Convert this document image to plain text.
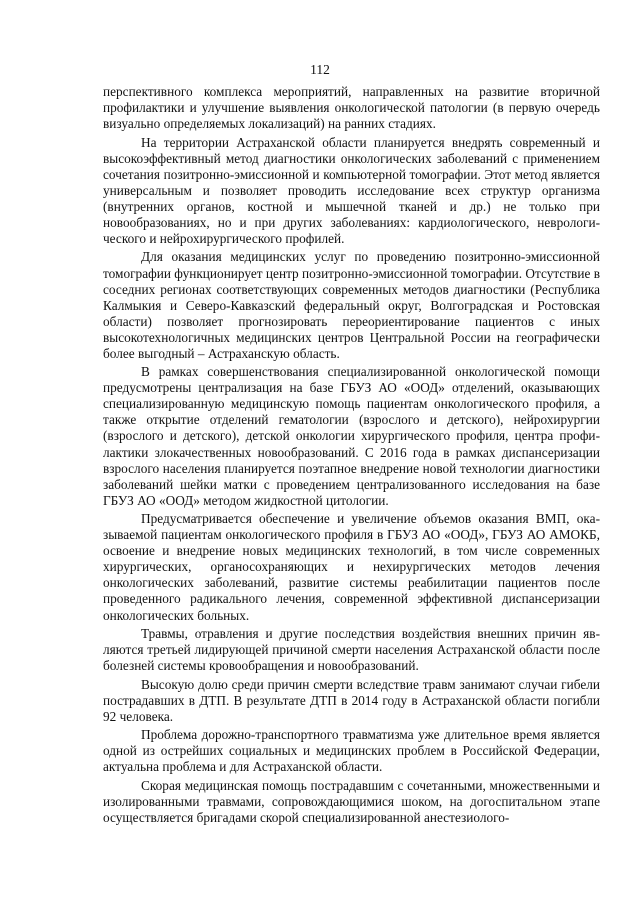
112

перспективного комплекса мероприятий, направленных на развитие вторичной профилактики и улучшение выявления онкологической патологии (в первую очередь визуально определяемых локализаций) на ранних стадиях.

На территории Астраханской области планируется внедрять современный и высокоэффективный метод диагностики онкологических заболеваний с применением сочетания позитронно-эмиссионной и компьютерной томографии. Этот метод является универсальным и позволяет проводить исследование всех структур организма (внутренних органов, костной и мышечной тканей и др.) не только при новообразованиях, но и при других заболеваниях: кардиологического, неврологического и нейрохирургического профилей.

Для оказания медицинских услуг по проведению позитронно-эмиссионной томографии функционирует центр позитронно-эмиссионной томографии. Отсутствие в соседних регионах соответствующих современных методов диагностики (Республика Калмыкия и Северо-Кавказский федеральный округ, Волгоградская и Ростовская области) позволяет прогнозировать переориентирование пациентов с иных высокотехнологичных медицинских центров Центральной России на географически более выгодный – Астраханскую область.

В рамках совершенствования специализированной онкологической помощи предусмотрены централизация на базе ГБУЗ АО «ООД» отделений, оказывающих специализированную медицинскую помощь пациентам онкологического профиля, а также открытие отделений гематологии (взрослого и детского), нейрохирургии (взрослого и детского), детской онкологии хирургического профиля, центра профилактики злокачественных новообразований. С 2016 года в рамках диспансеризации взрослого населения планируется поэтапное внедрение новой технологии диагностики заболеваний шейки матки с проведением централизованного исследования на базе ГБУЗ АО «ООД» методом жидкостной цитологии.

Предусматривается обеспечение и увеличение объемов оказания ВМП, оказываемой пациентам онкологического профиля в ГБУЗ АО «ООД», ГБУЗ АО АМОКБ, освоение и внедрение новых медицинских технологий, в том числе современных хирургических, органосохраняющих и нехирургических методов лечения онкологических заболеваний, развитие системы реабилитации пациентов после проведенного радикального лечения, современной эффективной диспансеризации онкологических больных.

Травмы, отравления и другие последствия воздействия внешних причин являются третьей лидирующей причиной смерти населения Астраханской области после болезней системы кровообращения и новообразований.

Высокую долю среди причин смерти вследствие травм занимают случаи гибели пострадавших в ДТП. В результате ДТП в 2014 году в Астраханской области погибли 92 человека.

Проблема дорожно-транспортного травматизма уже длительное время является одной из острейших социальных и медицинских проблем в Российской Федерации, актуальна проблема и для Астраханской области.

Скорая медицинская помощь пострадавшим с сочетанными, множественными и изолированными травмами, сопровождающимися шоком, на догоспитальном этапе осуществляется бригадами скорой специализированной анестезиолого-
